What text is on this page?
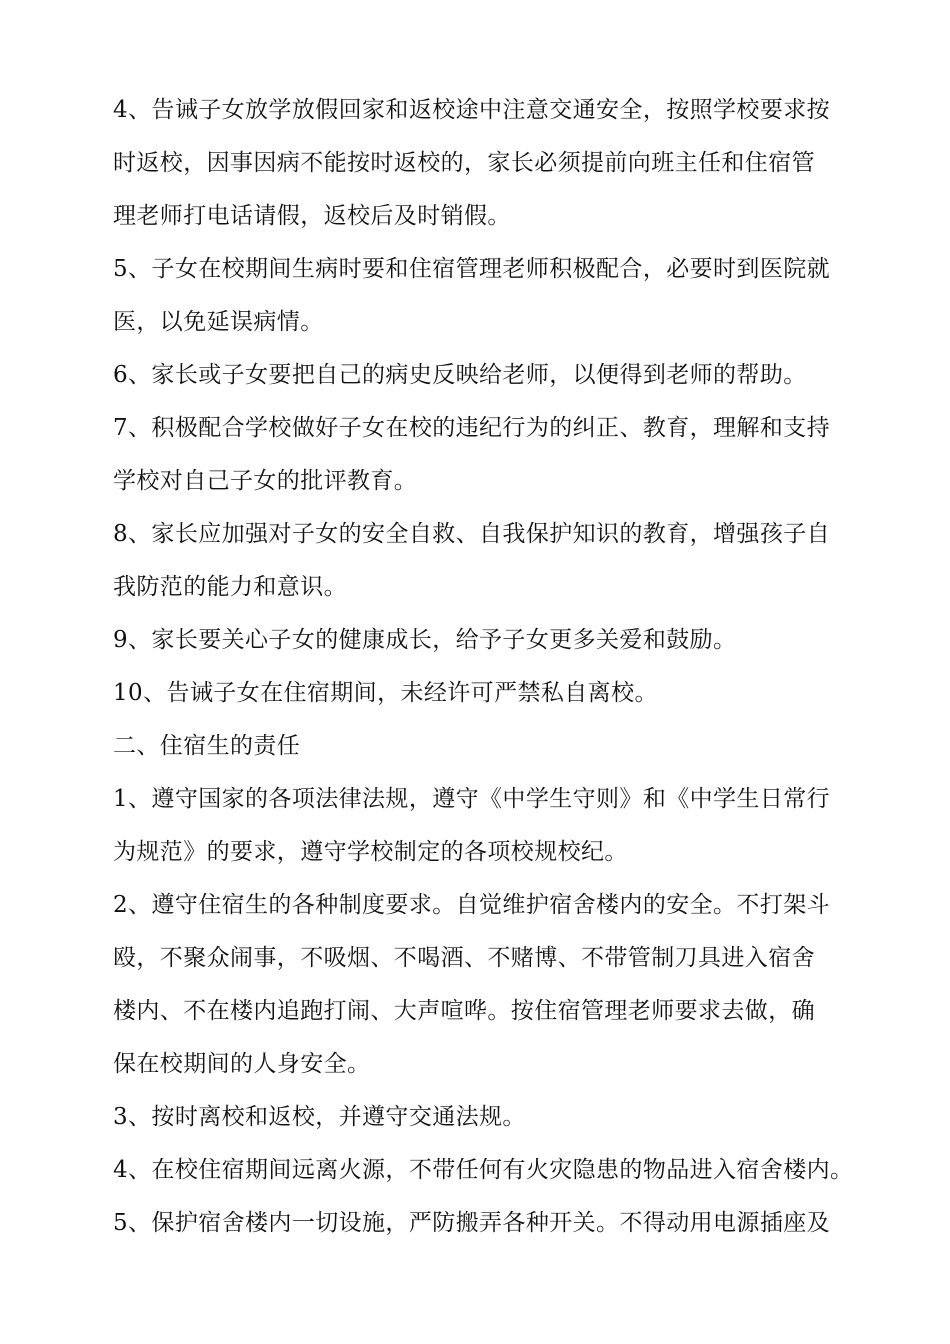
4、告诫子女放学放假回家和返校途中注意交通安全，按照学校要求按
时返校，因事因病不能按时返校的，家长必须提前向班主任和住宿管
理老师打电话请假，返校后及时销假。
5、子女在校期间生病时要和住宿管理老师积极配合，必要时到医院就
医，以免延误病情。
6、家长或子女要把自己的病史反映给老师，以便得到老师的帮助。
7、积极配合学校做好子女在校的违纪行为的纠正、教育，理解和支持
学校对自己子女的批评教育。
8、家长应加强对子女的安全自救、自我保护知识的教育，增强孩子自
我防范的能力和意识。
9、家长要关心子女的健康成长，给予子女更多关爱和鼓励。
10、告诫子女在住宿期间，未经许可严禁私自离校。
二、住宿生的责任
1、遵守国家的各项法律法规，遵守《中学生守则》和《中学生日常行
为规范》的要求，遵守学校制定的各项校规校纪。
2、遵守住宿生的各种制度要求。自觉维护宿舍楼内的安全。不打架斗
殴，不聚众闹事，不吸烟、不喝酒、不赌博、不带管制刀具进入宿舍
楼内、不在楼内追跑打闹、大声喧哗。按住宿管理老师要求去做，确
保在校期间的人身安全。
3、按时离校和返校，并遵守交通法规。
4、在校住宿期间远离火源，不带任何有火灾隐患的物品进入宿舍楼内。
5、保护宿舍楼内一切设施，严防搬弄各种开关。不得动用电源插座及
